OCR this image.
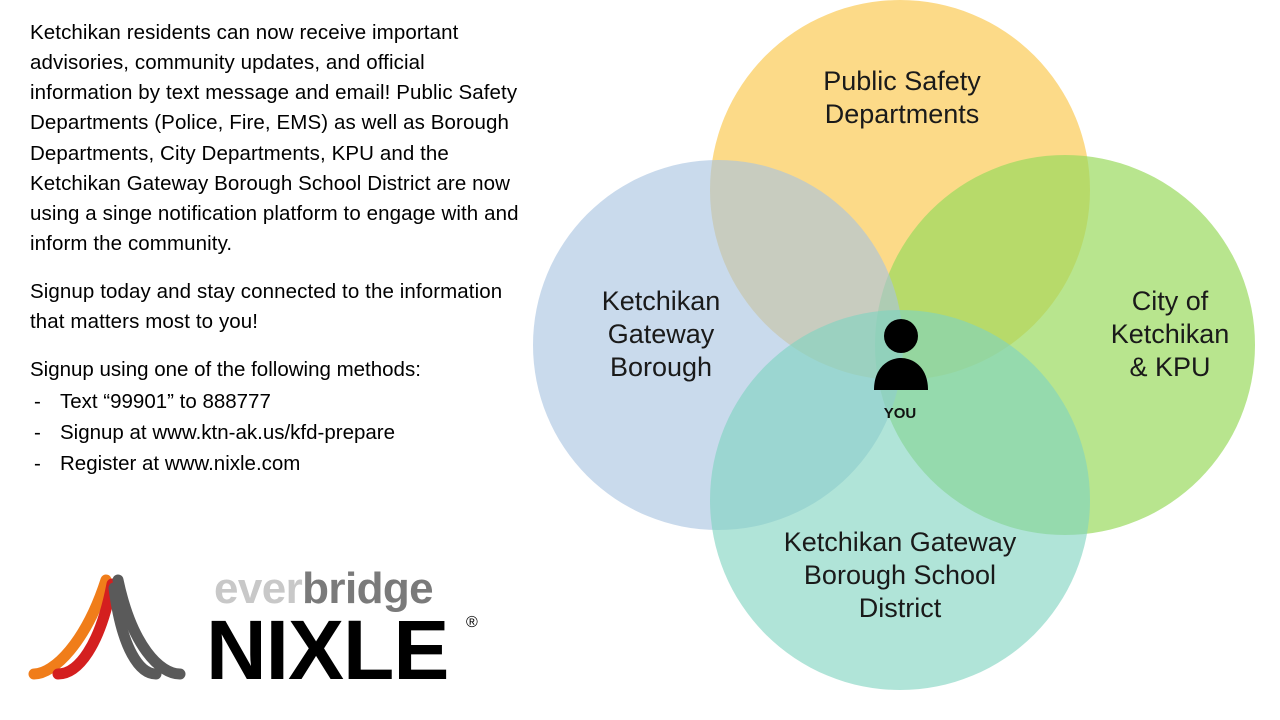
Ketchikan residents can now receive important advisories, community updates, and official information by text message and email! Public Safety Departments (Police, Fire, EMS) as well as Borough Departments, City Departments, KPU and the Ketchikan Gateway Borough School District are now using a singe notification platform to engage with and inform the community.

Signup today and stay connected to the information that matters most to you!

Signup using one of the following methods:

- Text “99901” to 888777
- Signup at www.ktn-ak.us/kfd-prepare
- Register at www.nixle.com
everbridge
NIXLE ®
Public Safety
Departments
City of
Ketchikan
& KPU
Ketchikan
Gateway
Borough
Ketchikan Gateway
Borough School
District
YOU
